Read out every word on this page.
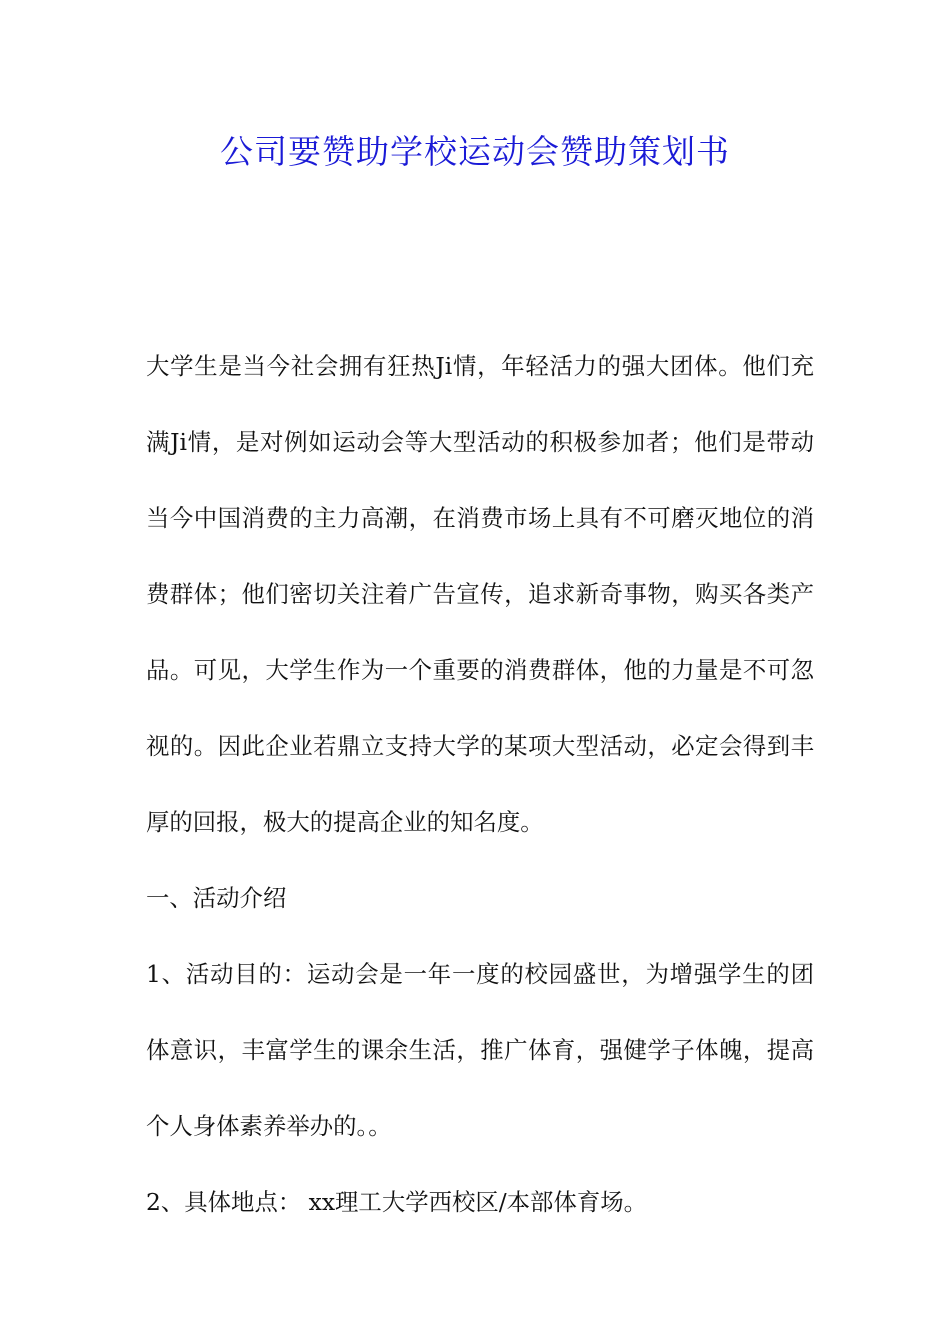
公司要赞助学校运动会赞助策划书

大学生是当今社会拥有狂热Ji情，年轻活力的强大团体。他们充满Ji情，是对例如运动会等大型活动的积极参加者；他们是带动当今中国消费的主力高潮，在消费市场上具有不可磨灭地位的消费群体；他们密切关注着广告宣传，追求新奇事物，购买各类产品。可见，大学生作为一个重要的消费群体，他的力量是不可忽视的。因此企业若鼎立支持大学的某项大型活动，必定会得到丰厚的回报，极大的提高企业的知名度。

一、活动介绍

1、活动目的：运动会是一年一度的校园盛世，为增强学生的团体意识，丰富学生的课余生活，推广体育，强健学子体魄，提高个人身体素养举办的。。

2、具体地点： xx理工大学西校区/本部体育场。
